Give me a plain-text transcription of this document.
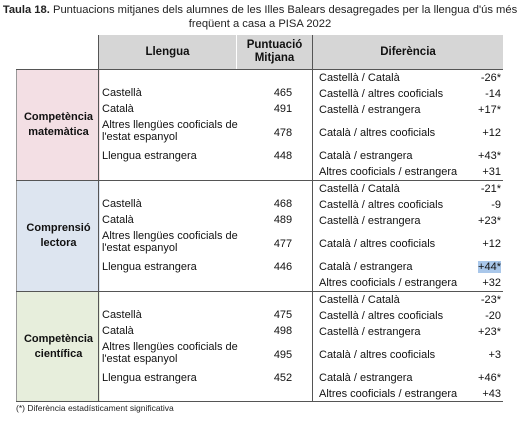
Taula 18. Puntuacions mitjanes dels alumnes de les Illes Balears desagregades per la llengua d'ús més freqüent a casa a PISA 2022
Llengua
Puntuació Mitjana
Diferència
Competència matemàtica
Castellà	465
Català	491
Altres llengües cooficials de l'estat espanyol	478
Llengua estrangera	448
Castellà / Català	-26*
Castellà / altres cooficials	-14
Castellà / estrangera	+17*
Català / altres cooficials	+12
Català / estrangera	+43*
Altres cooficials / estrangera	+31
Comprensió lectora
Castellà	468
Català	489
Altres llengües cooficials de l'estat espanyol	477
Llengua estrangera	446
Castellà / Català	-21*
Castellà / altres cooficials	-9
Castellà / estrangera	+23*
Català / altres cooficials	+12
Català / estrangera	+44*
Altres cooficials / estrangera	+32
Competència científica
Castellà	475
Català	498
Altres llengües cooficials de l'estat espanyol	495
Llengua estrangera	452
Castellà / Català	-23*
Castellà / altres cooficials	-20
Castellà / estrangera	+23*
Català / altres cooficials	+3
Català / estrangera	+46*
Altres cooficials / estrangera	+43
(*) Diferència estadísticament significativa
